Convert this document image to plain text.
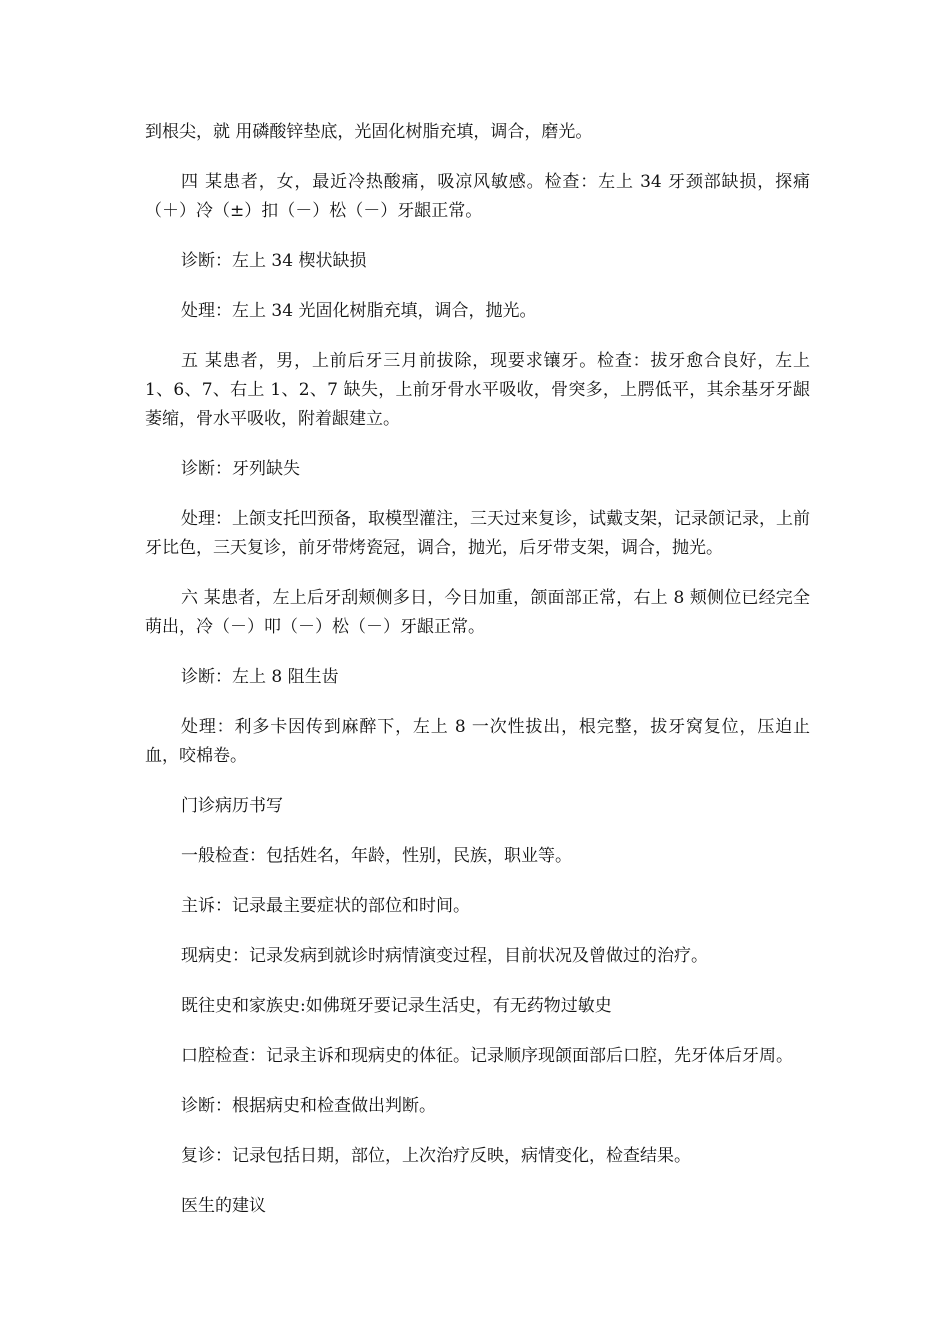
到根尖，就 用磷酸锌垫底，光固化树脂充填，调合，磨光。

四 某患者，女，最近冷热酸痛，吸凉风敏感。检查：左上 34 牙颈部缺损，探痛（＋）冷（±）扣（－）松（－）牙龈正常。

诊断：左上 34 楔状缺损

处理：左上 34 光固化树脂充填，调合，抛光。

五 某患者，男，上前后牙三月前拔除，现要求镶牙。检查：拔牙愈合良好，左上 1、6、7、右上 1、2、7 缺失，上前牙骨水平吸收，骨突多，上腭低平，其余基牙牙龈萎缩，骨水平吸收，附着龈建立。

诊断：牙列缺失

处理：上颌支托凹预备，取模型灌注，三天过来复诊，试戴支架，记录颌记录，上前牙比色，三天复诊，前牙带烤瓷冠，调合，抛光，后牙带支架，调合，抛光。

六 某患者，左上后牙刮颊侧多日，今日加重，颌面部正常，右上 8 颊侧位已经完全萌出，冷（－）叩（－）松（－）牙龈正常。

诊断：左上 8 阻生齿

处理：利多卡因传到麻醉下，左上 8 一次性拔出，根完整，拔牙窝复位，压迫止血，咬棉卷。

门诊病历书写

一般检查：包括姓名，年龄，性别，民族，职业等。

主诉：记录最主要症状的部位和时间。

现病史：记录发病到就诊时病情演变过程，目前状况及曾做过的治疗。

既往史和家族史:如佛斑牙要记录生活史，有无药物过敏史

口腔检查：记录主诉和现病史的体征。记录顺序现颌面部后口腔，先牙体后牙周。

诊断：根据病史和检查做出判断。

复诊：记录包括日期，部位，上次治疗反映，病情变化，检查结果。

医生的建议
